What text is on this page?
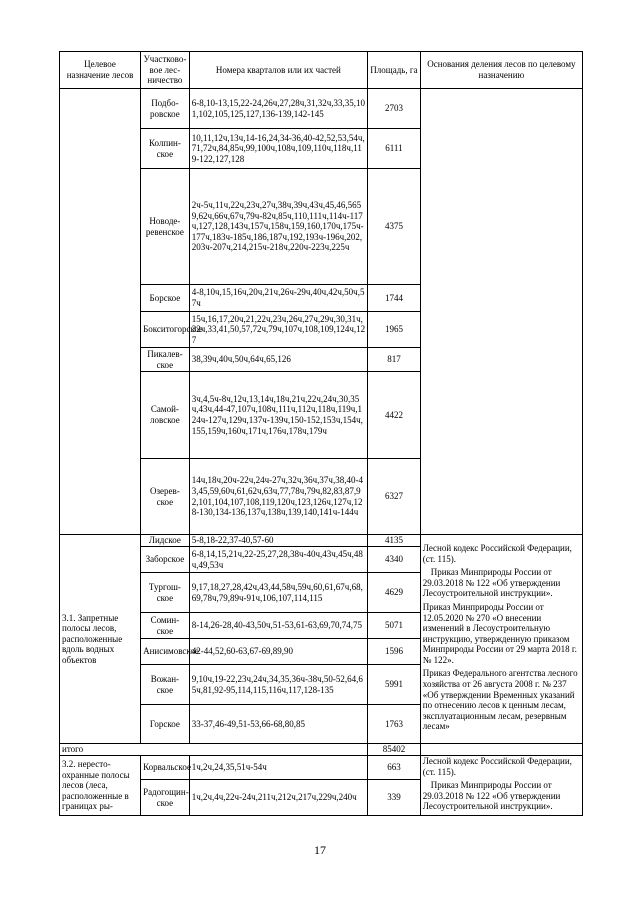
Целевое назначение лесов	Участково-вое лес-ничество	Номера кварталов или их частей	Площадь, га	Основания деления лесов по целевому назначению
	Подбо-ровское	6-8,10-13,15,22-24,26ч,27,28ч,31,32ч,33,35,101,102,105,125,127,136-139,142-145	2703	
	Колпин-ское	10,11,12ч,13ч,14-16,24,34-36,40-42,52,53,54ч,71,72ч,84,85ч,99,100ч,108ч,109,110ч,118ч,119-122,127,128	6111	
	Новоде-ревенское	2ч-5ч,11ч,22ч,23ч,27ч,38ч,39ч,43ч,45,46,5659,62ч,66ч,67ч,79ч-82ч,85ч,110,111ч,114ч-117ч,127,128,143ч,157ч,158ч,159,160,170ч,175ч-177ч,183ч-185ч,186,187ч,192,193ч-196ч,202,203ч-207ч,214,215ч-218ч,220ч-223ч,225ч	4375	
	Борское	4-8,10ч,15,16ч,20ч,21ч,26ч-29ч,40ч,42ч,50ч,57ч	1744	
	Бокситогорское	15ч,16,17,20ч,21,22ч,23ч,26ч,27ч,29ч,30,31ч,32ч,33,41,50,57,72ч,79ч,107ч,108,109,124ч,127	1965	
	Пикалев-ское	38,39ч,40ч,50ч,64ч,65,126	817	
	Самой-ловское	3ч,4,5ч-8ч,12ч,13,14ч,18ч,21ч,22ч,24ч,30,35ч,43ч,44-47,107ч,108ч,111ч,112ч,118ч,119ч,124ч-127ч,129ч,137ч-139ч,150-152,153ч,154ч,155,159ч,160ч,171ч,176ч,178ч,179ч	4422	
	Озерев-ское	14ч,18ч,20ч-22ч,24ч-27ч,32ч,36ч,37ч,38,40-43,45,59,60ч,61,62ч,63ч,77,78ч,79ч,82,83,87,92,101,104,107,108,119,120ч,123,126ч,127ч,128-130,134-136,137ч,138ч,139,140,141ч-144ч	6327	
3.1. Запретные полосы лесов, расположенные вдоль водных объектов	Лидское	5-8,18-22,37-40,57-60	4135	Лесной кодекс Российской Федерации, (ст. 115).

Приказ Минприроды России от 29.03.2018 № 122 «Об утверждении Лесоустроительной инструкции».

Приказ Минприроды России от 12.05.2020 № 270 «О внесении изменений в Лесоустроительную инструкцию, утвержденную приказом Минприроды России от 29 марта 2018 г. № 122».

Приказ Федерального агентства лесного хозяйства от 26 августа 2008 г. № 237 «Об утверждении Временных указаний по отнесению лесов к ценным лесам, эксплуатационным лесам, резервным лесам»

	Заборское	6-8,14,15,21ч,22-25,27,28,38ч-40ч,43ч,45ч,48ч,49,53ч	4340	
	Тургош-ское	9,17,18,27,28,42ч,43,44,58ч,59ч,60,61,67ч,68,69,78ч,79,89ч-91ч,106,107,114,115	4629	
	Сомин-ское	8-14,26-28,40-43,50ч,51-53,61-63,69,70,74,75	5071	
	Анисимовское	42-44,52,60-63,67-69,89,90	1596	
	Вожан-ское	9,10ч,19-22,23ч,24ч,34,35,36ч-38ч,50-52,64,65ч,81,92-95,114,115,116ч,117,128-135	5991	
	Горское	33-37,46-49,51-53,66-68,80,85	1763	
итого			85402	
3.2. нересто-охранные полосы лесов (леса, расположенные в границах ры-	Корвальское	1ч,2ч,24,35,51ч-54ч	663	Лесной кодекс Российской Федерации, (ст. 115).

Приказ Минприроды России от 29.03.2018 № 122 «Об утверждении Лесоустроительной инструкции».

	Радогощин-ское	1ч,2ч,4ч,22ч-24ч,211ч,212ч,217ч,229ч,240ч	339	
17
